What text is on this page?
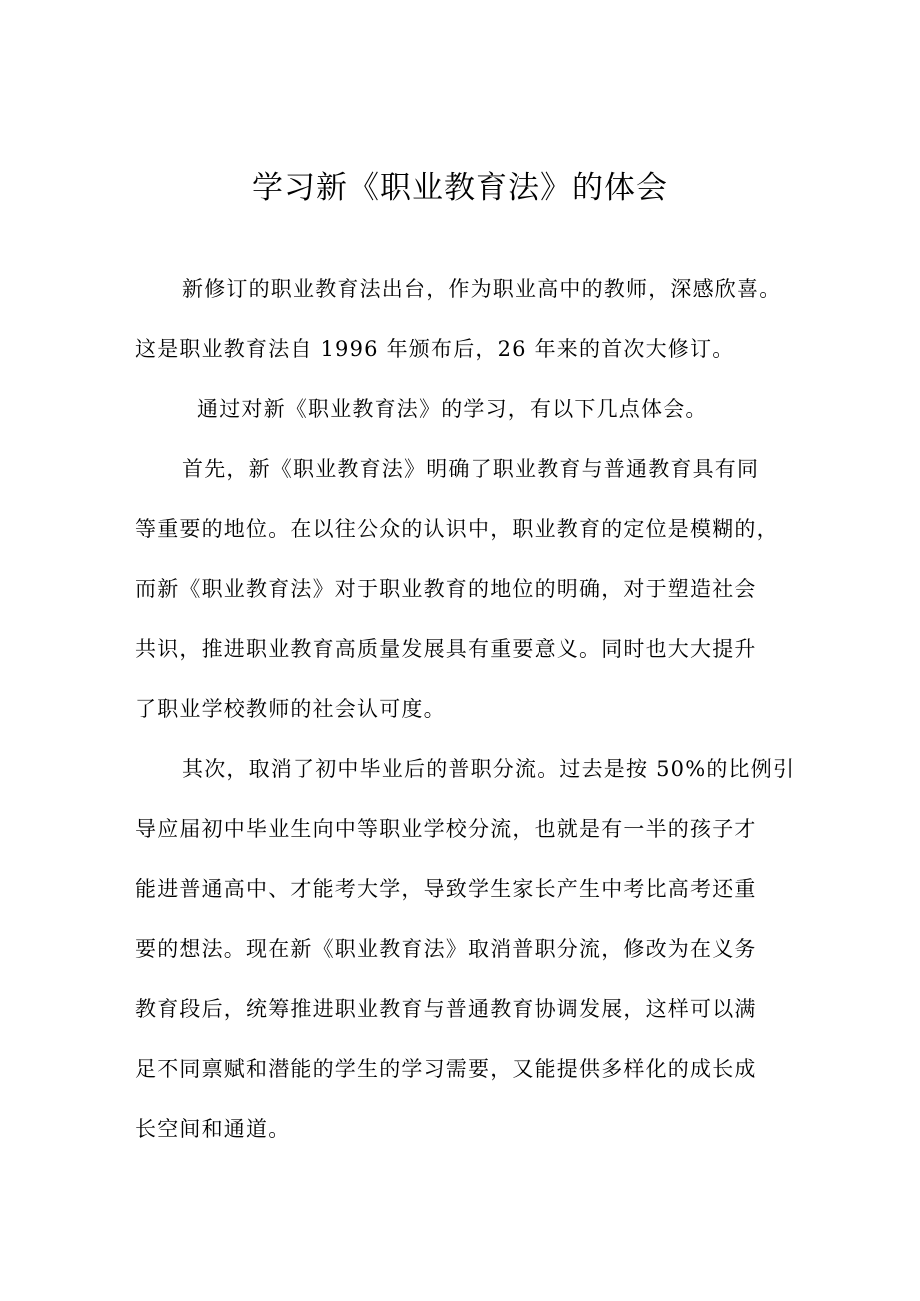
学习新《职业教育法》的体会
新修订的职业教育法出台，作为职业高中的教师，深感欣喜。
这是职业教育法自 1996 年颁布后，26 年来的首次大修订。
通过对新《职业教育法》的学习，有以下几点体会。
首先，新《职业教育法》明确了职业教育与普通教育具有同
等重要的地位。在以往公众的认识中，职业教育的定位是模糊的，
而新《职业教育法》对于职业教育的地位的明确，对于塑造社会
共识，推进职业教育高质量发展具有重要意义。同时也大大提升
了职业学校教师的社会认可度。
其次，取消了初中毕业后的普职分流。过去是按 50%的比例引
导应届初中毕业生向中等职业学校分流，也就是有一半的孩子才
能进普通高中、才能考大学，导致学生家长产生中考比高考还重
要的想法。现在新《职业教育法》取消普职分流，修改为在义务
教育段后，统筹推进职业教育与普通教育协调发展，这样可以满
足不同禀赋和潜能的学生的学习需要，又能提供多样化的成长成
长空间和通道。
